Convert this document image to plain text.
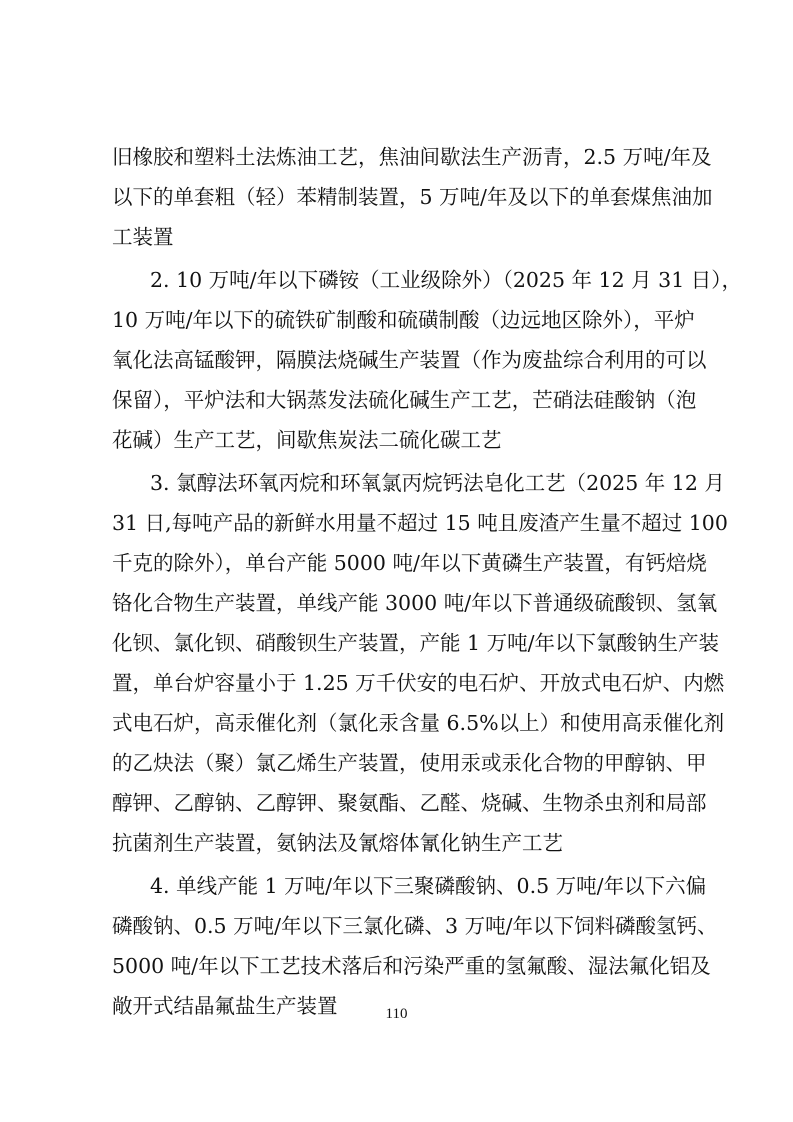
旧橡胶和塑料土法炼油工艺，焦油间歇法生产沥青，2.5 万吨/年及
以下的单套粗（轻）苯精制装置，5 万吨/年及以下的单套煤焦油加
工装置
2. 10 万吨/年以下磷铵（工业级除外）（2025 年 12 月 31 日），
10 万吨/年以下的硫铁矿制酸和硫磺制酸（边远地区除外），平炉
氧化法高锰酸钾，隔膜法烧碱生产装置（作为废盐综合利用的可以
保留），平炉法和大锅蒸发法硫化碱生产工艺，芒硝法硅酸钠（泡
花碱）生产工艺，间歇焦炭法二硫化碳工艺
3. 氯醇法环氧丙烷和环氧氯丙烷钙法皂化工艺（2025 年 12 月
31 日,每吨产品的新鲜水用量不超过 15 吨且废渣产生量不超过 100
千克的除外），单台产能 5000 吨/年以下黄磷生产装置，有钙焙烧
铬化合物生产装置，单线产能 3000 吨/年以下普通级硫酸钡、氢氧
化钡、氯化钡、硝酸钡生产装置，产能 1 万吨/年以下氯酸钠生产装
置，单台炉容量小于 1.25 万千伏安的电石炉、开放式电石炉、内燃
式电石炉，高汞催化剂（氯化汞含量 6.5%以上）和使用高汞催化剂
的乙炔法（聚）氯乙烯生产装置，使用汞或汞化合物的甲醇钠、甲
醇钾、乙醇钠、乙醇钾、聚氨酯、乙醛、烧碱、生物杀虫剂和局部
抗菌剂生产装置，氨钠法及氰熔体氰化钠生产工艺
4. 单线产能 1 万吨/年以下三聚磷酸钠、0.5 万吨/年以下六偏
磷酸钠、0.5 万吨/年以下三氯化磷、3 万吨/年以下饲料磷酸氢钙、
5000 吨/年以下工艺技术落后和污染严重的氢氟酸、湿法氟化铝及
敞开式结晶氟盐生产装置	110
